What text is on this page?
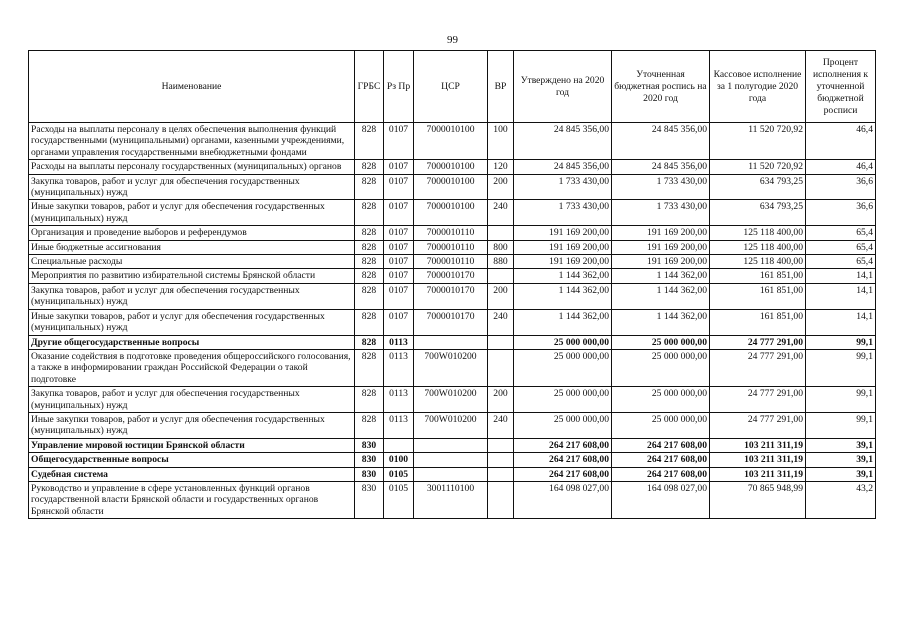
99
Наименование	ГРБС	Рз Пр	ЦСР	ВР	Утверждено на 2020 год	Уточненная бюджетная роспись на 2020 год	Кассовое исполнение за 1 полугодие 2020 года	Процент исполнения к уточненной бюджетной росписи
Расходы на выплаты персоналу в целях обеспечения выполнения функций государственными (муниципальными) органами, казенными учреждениями, органами управления государственными внебюджетными фондами	828	0107	7000010100	100	24 845 356,00	24 845 356,00	11 520 720,92	46,4
Расходы на выплаты персоналу государственных (муниципальных) органов	828	0107	7000010100	120	24 845 356,00	24 845 356,00	11 520 720,92	46,4
Закупка товаров, работ и услуг для обеспечения государственных (муниципальных) нужд	828	0107	7000010100	200	1 733 430,00	1 733 430,00	634 793,25	36,6
Иные закупки товаров, работ и услуг для обеспечения государственных (муниципальных) нужд	828	0107	7000010100	240	1 733 430,00	1 733 430,00	634 793,25	36,6
Организация и проведение выборов и референдумов	828	0107	7000010110		191 169 200,00	191 169 200,00	125 118 400,00	65,4
Иные бюджетные ассигнования	828	0107	7000010110	800	191 169 200,00	191 169 200,00	125 118 400,00	65,4
Специальные расходы	828	0107	7000010110	880	191 169 200,00	191 169 200,00	125 118 400,00	65,4
Мероприятия по развитию избирательной системы Брянской области	828	0107	7000010170		1 144 362,00	1 144 362,00	161 851,00	14,1
Закупка товаров, работ и услуг для обеспечения государственных (муниципальных) нужд	828	0107	7000010170	200	1 144 362,00	1 144 362,00	161 851,00	14,1
Иные закупки товаров, работ и услуг для обеспечения государственных (муниципальных) нужд	828	0107	7000010170	240	1 144 362,00	1 144 362,00	161 851,00	14,1
Другие общегосударственные вопросы	828	0113			25 000 000,00	25 000 000,00	24 777 291,00	99,1
Оказание содействия в подготовке проведения общероссийского голосования, а также в информировании граждан Российской Федерации о такой подготовке	828	0113	700W010200		25 000 000,00	25 000 000,00	24 777 291,00	99,1
Закупка товаров, работ и услуг для обеспечения государственных (муниципальных) нужд	828	0113	700W010200	200	25 000 000,00	25 000 000,00	24 777 291,00	99,1
Иные закупки товаров, работ и услуг для обеспечения государственных (муниципальных) нужд	828	0113	700W010200	240	25 000 000,00	25 000 000,00	24 777 291,00	99,1
Управление мировой юстиции Брянской области	830				264 217 608,00	264 217 608,00	103 211 311,19	39,1
Общегосударственные вопросы	830	0100			264 217 608,00	264 217 608,00	103 211 311,19	39,1
Судебная система	830	0105			264 217 608,00	264 217 608,00	103 211 311,19	39,1
Руководство и управление в сфере установленных функций органов государственной власти Брянской области и государственных органов Брянской области	830	0105	3001110100		164 098 027,00	164 098 027,00	70 865 948,99	43,2
